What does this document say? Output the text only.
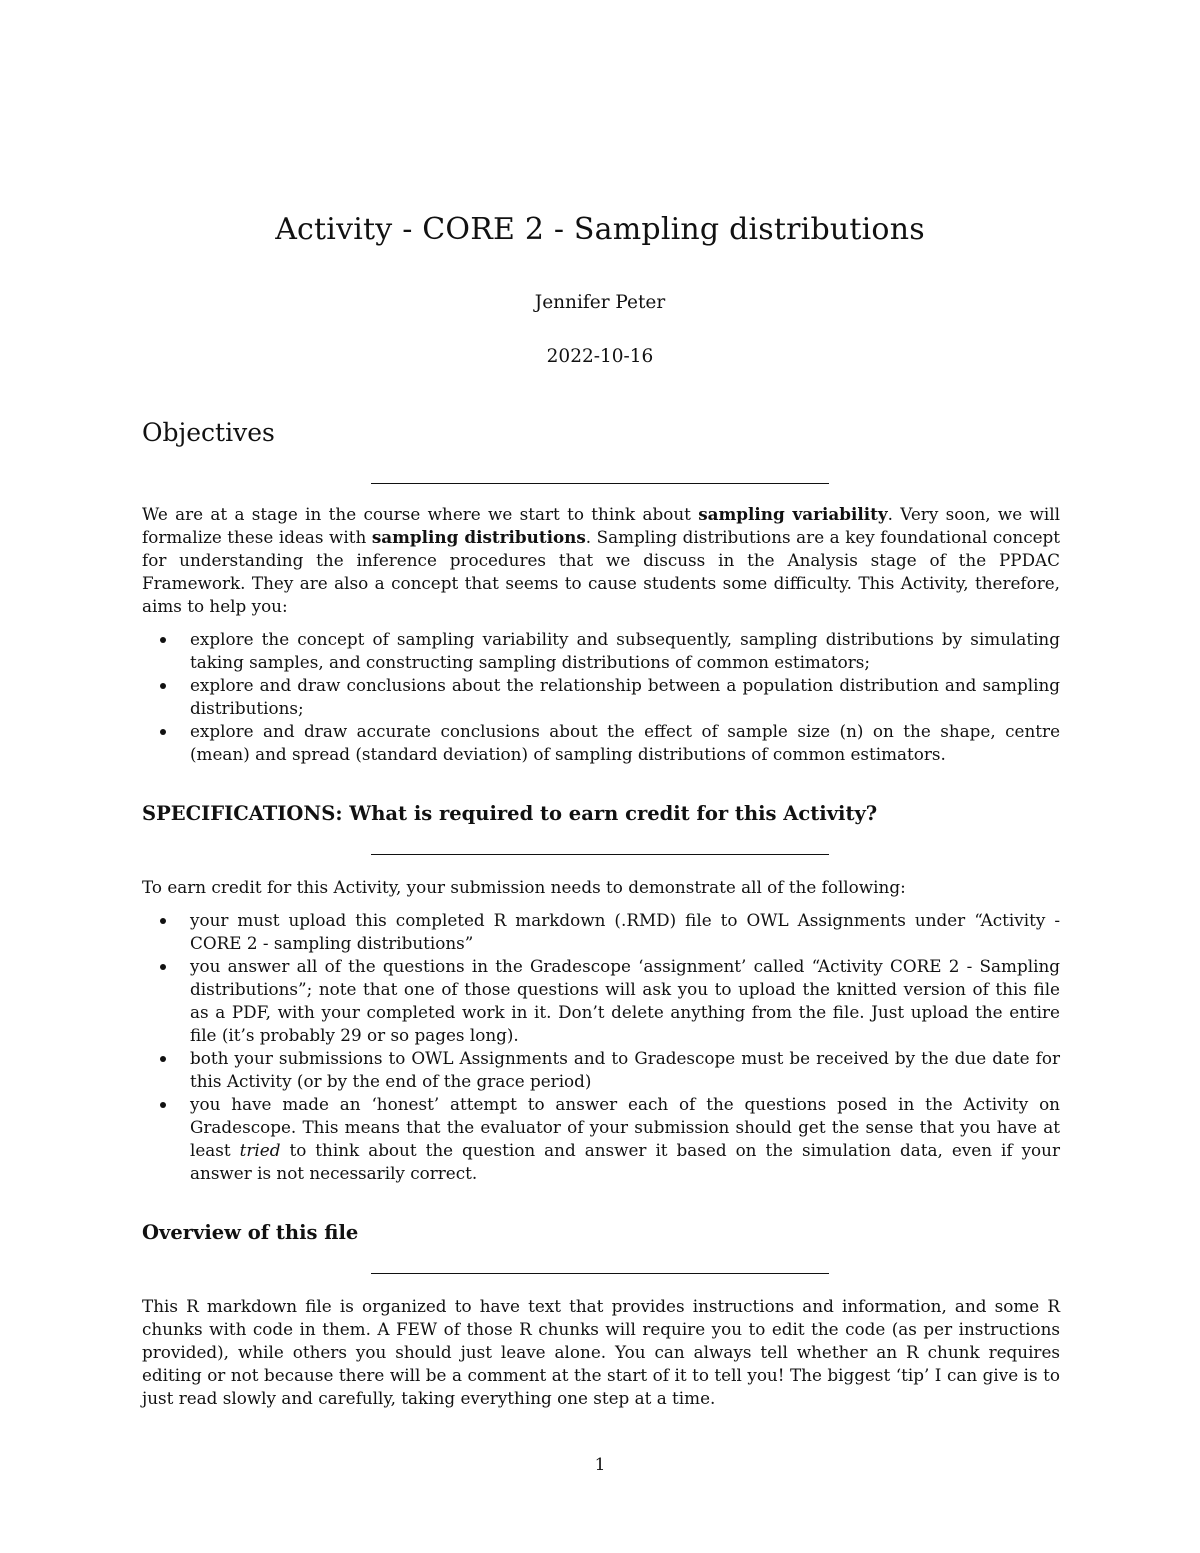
Activity - CORE 2 - Sampling distributions
Jennifer Peter
2022-10-16
Objectives

We are at a stage in the course where we start to think about sampling variability. Very soon, we will formalize these ideas with sampling distributions. Sampling distributions are a key foundational concept for understanding the inference procedures that we discuss in the Analysis stage of the PPDAC Framework. They are also a concept that seems to cause students some difficulty. This Activity, therefore, aims to help you:

explore the concept of sampling variability and subsequently, sampling distributions by simulating taking samples, and constructing sampling distributions of common estimators;
explore and draw conclusions about the relationship between a population distribution and sampling distributions;
explore and draw accurate conclusions about the effect of sample size (n) on the shape, centre (mean) and spread (standard deviation) of sampling distributions of common estimators.
SPECIFICATIONS: What is required to earn credit for this Activity?

To earn credit for this Activity, your submission needs to demonstrate all of the following:

your must upload this completed R markdown (.RMD) file to OWL Assignments under “Activity - CORE 2 - sampling distributions”
you answer all of the questions in the Gradescope ‘assignment’ called “Activity CORE 2 - Sampling distributions”; note that one of those questions will ask you to upload the knitted version of this file as a PDF, with your completed work in it. Don’t delete anything from the file. Just upload the entire file (it’s probably 29 or so pages long).
both your submissions to OWL Assignments and to Gradescope must be received by the due date for this Activity (or by the end of the grace period)
you have made an ‘honest’ attempt to answer each of the questions posed in the Activity on Gradescope. This means that the evaluator of your submission should get the sense that you have at least tried to think about the question and answer it based on the simulation data, even if your answer is not necessarily correct.
Overview of this file

This R markdown file is organized to have text that provides instructions and information, and some R chunks with code in them. A FEW of those R chunks will require you to edit the code (as per instructions provided), while others you should just leave alone. You can always tell whether an R chunk requires editing or not because there will be a comment at the start of it to tell you! The biggest ‘tip’ I can give is to just read slowly and carefully, taking everything one step at a time.

1
